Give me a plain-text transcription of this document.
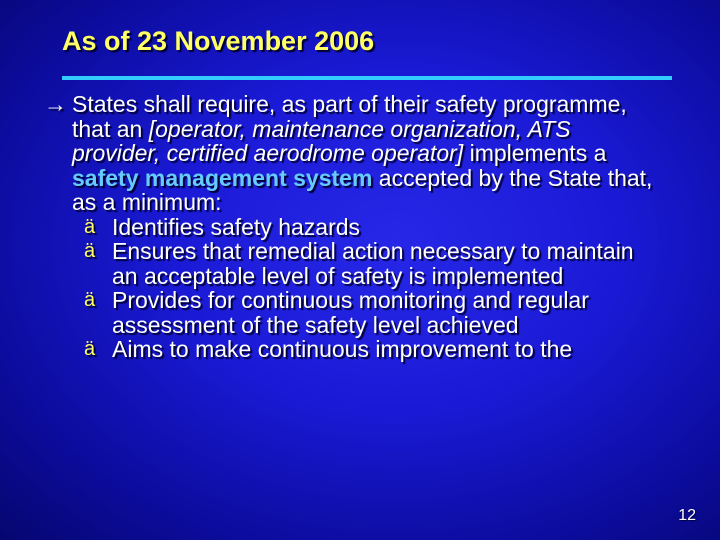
As of 23 November 2006

→ States shall require, as part of their safety programme, that an [operator, maintenance organization, ATS provider, certified aerodrome operator] implements a safety management system accepted by the State that, as a minimum:

ä Identifies safety hazards
ä Ensures that remedial action necessary to maintain an acceptable level of safety is implemented
ä Provides for continuous monitoring and regular assessment of the safety level achieved
ä Aims to make continuous improvement to the
12
